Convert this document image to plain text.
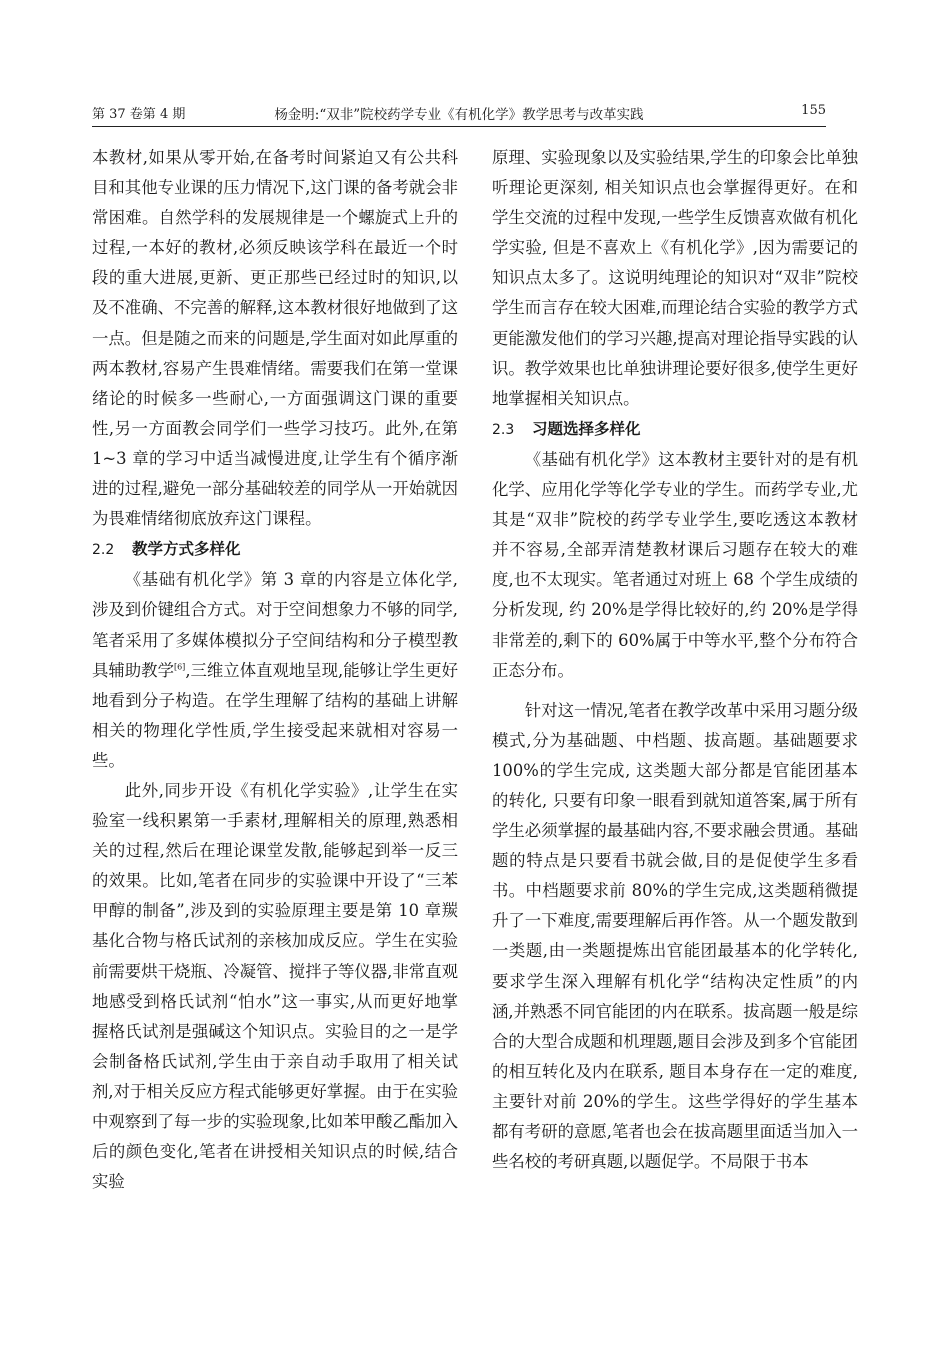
第 37 卷第 4 期	杨金明:“双非”院校药学专业《有机化学》教学思考与改革实践	155

本教材,如果从零开始,在备考时间紧迫又有公共科目和其他专业课的压力情况下,这门课的备考就会非常困难。自然学科的发展规律是一个螺旋式上升的过程,一本好的教材,必须反映该学科在最近一个时段的重大进展,更新、更正那些已经过时的知识,以及不准确、不完善的解释,这本教材很好地做到了这一点。但是随之而来的问题是,学生面对如此厚重的两本教材,容易产生畏难情绪。需要我们在第一堂课绪论的时候多一些耐心,一方面强调这门课的重要性,另一方面教会同学们一些学习技巧。此外,在第 1~3 章的学习中适当减慢进度,让学生有个循序渐进的过程,避免一部分基础较差的同学从一开始就因为畏难情绪彻底放弃这门课程。

2.2 教学方式多样化

《基础有机化学》第 3 章的内容是立体化学,涉及到价键组合方式。对于空间想象力不够的同学,笔者采用了多媒体模拟分子空间结构和分子模型教具辅助教学[6],三维立体直观地呈现,能够让学生更好地看到分子构造。在学生理解了结构的基础上讲解相关的物理化学性质,学生接受起来就相对容易一些。

此外,同步开设《有机化学实验》,让学生在实验室一线积累第一手素材,理解相关的原理,熟悉相关的过程,然后在理论课堂发散,能够起到举一反三的效果。比如,笔者在同步的实验课中开设了“三苯甲醇的制备”,涉及到的实验原理主要是第 10 章羰基化合物与格氏试剂的亲核加成反应。学生在实验前需要烘干烧瓶、冷凝管、搅拌子等仪器,非常直观地感受到格氏试剂“怕水”这一事实,从而更好地掌握格氏试剂是强碱这个知识点。实验目的之一是学会制备格氏试剂,学生由于亲自动手取用了相关试剂,对于相关反应方程式能够更好掌握。由于在实验中观察到了每一步的实验现象,比如苯甲酸乙酯加入后的颜色变化,笔者在讲授相关知识点的时候,结合实验

原理、实验现象以及实验结果,学生的印象会比单独听理论更深刻, 相关知识点也会掌握得更好。在和学生交流的过程中发现,一些学生反馈喜欢做有机化学实验, 但是不喜欢上《有机化学》,因为需要记的知识点太多了。这说明纯理论的知识对“双非”院校学生而言存在较大困难,而理论结合实验的教学方式更能激发他们的学习兴趣,提高对理论指导实践的认识。教学效果也比单独讲理论要好很多,使学生更好地掌握相关知识点。

2.3 习题选择多样化

《基础有机化学》这本教材主要针对的是有机化学、应用化学等化学专业的学生。而药学专业,尤其是“双非”院校的药学专业学生,要吃透这本教材并不容易,全部弄清楚教材课后习题存在较大的难度,也不太现实。笔者通过对班上 68 个学生成绩的分析发现, 约 20%是学得比较好的,约 20%是学得非常差的,剩下的 60%属于中等水平,整个分布符合正态分布。

针对这一情况,笔者在教学改革中采用习题分级模式,分为基础题、中档题、拔高题。基础题要求 100%的学生完成, 这类题大部分都是官能团基本的转化, 只要有印象一眼看到就知道答案,属于所有学生必须掌握的最基础内容,不要求融会贯通。基础题的特点是只要看书就会做,目的是促使学生多看书。中档题要求前 80%的学生完成,这类题稍微提升了一下难度,需要理解后再作答。从一个题发散到一类题,由一类题提炼出官能团最基本的化学转化,要求学生深入理解有机化学“结构决定性质”的内涵,并熟悉不同官能团的内在联系。拔高题一般是综合的大型合成题和机理题,题目会涉及到多个官能团的相互转化及内在联系, 题目本身存在一定的难度,主要针对前 20%的学生。这些学得好的学生基本都有考研的意愿,笔者也会在拔高题里面适当加入一些名校的考研真题,以题促学。不局限于书本
